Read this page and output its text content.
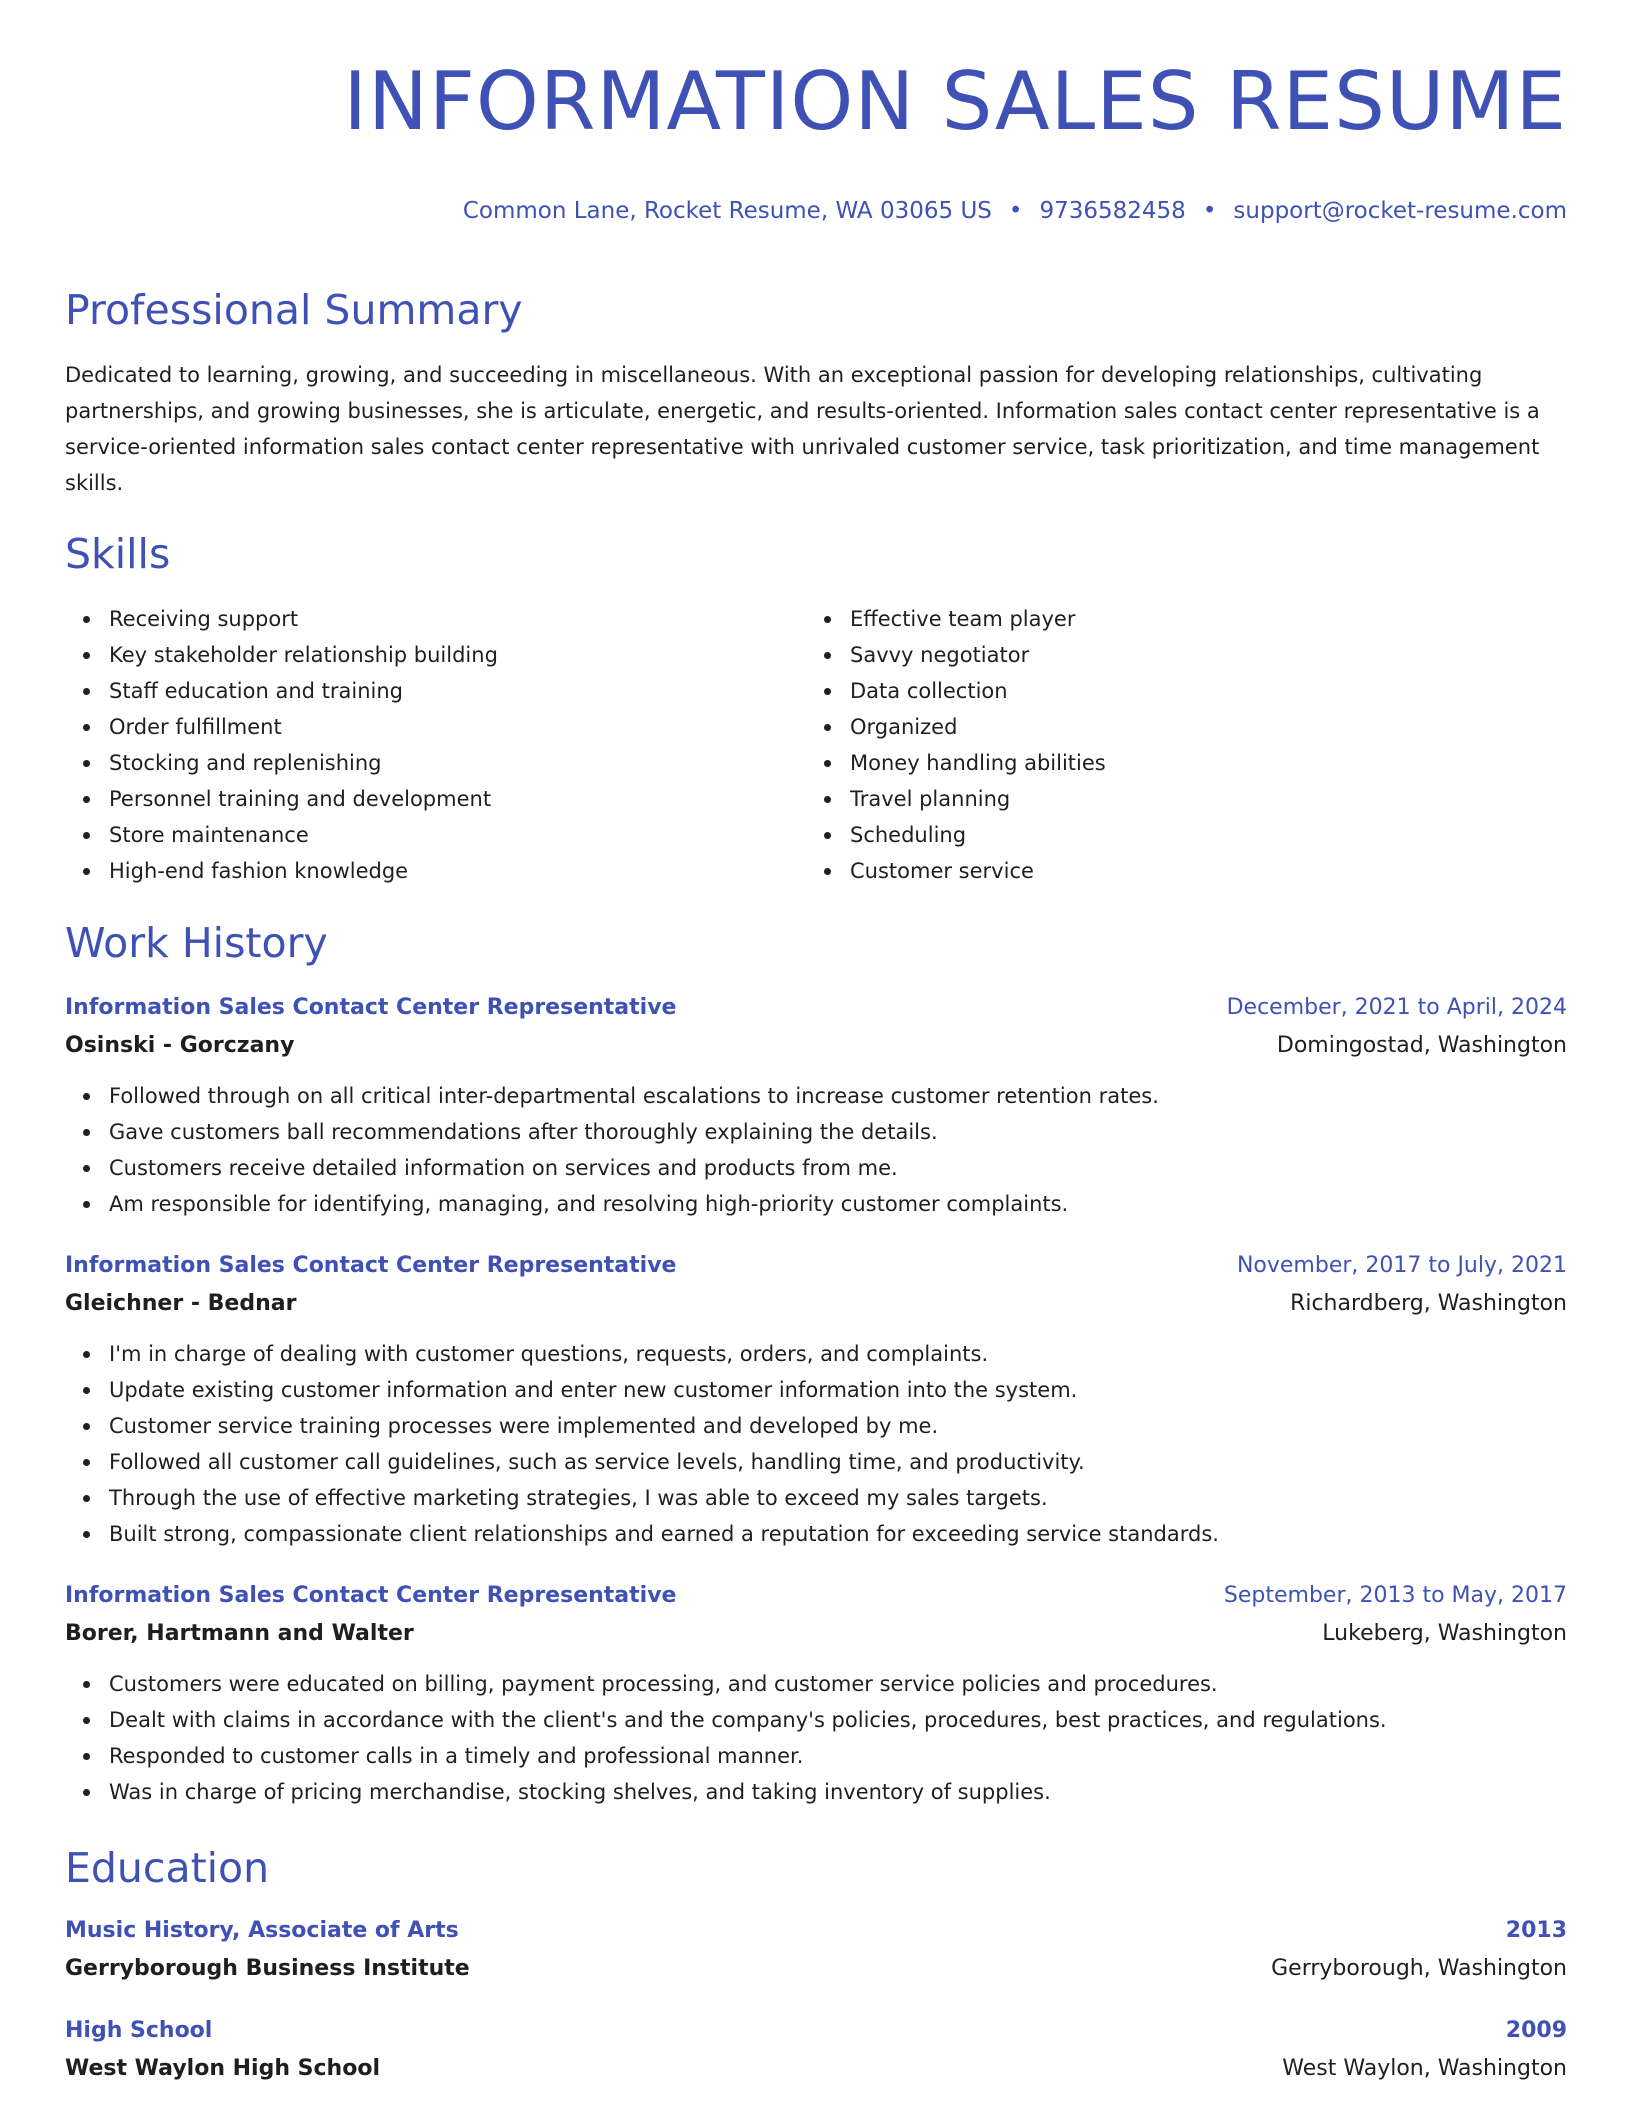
INFORMATION SALES RESUME
Common Lane, Rocket Resume, WA 03065 US • 9736582458 • support@rocket-resume.com
Professional Summary
Dedicated to learning, growing, and succeeding in miscellaneous. With an exceptional passion for developing relationships, cultivating partnerships, and growing businesses, she is articulate, energetic, and results-oriented. Information sales contact center representative is a service-oriented information sales contact center representative with unrivaled customer service, task prioritization, and time management skills.
Skills
Receiving support
Key stakeholder relationship building
Staff education and training
Order fulfillment
Stocking and replenishing
Personnel training and development
Store maintenance
High-end fashion knowledge
Effective team player
Savvy negotiator
Data collection
Organized
Money handling abilities
Travel planning
Scheduling
Customer service
Work History
Information Sales Contact Center Representative	December, 2021 to April, 2024
Osinski - Gorczany	Domingostad, Washington
Followed through on all critical inter-departmental escalations to increase customer retention rates.
Gave customers ball recommendations after thoroughly explaining the details.
Customers receive detailed information on services and products from me.
Am responsible for identifying, managing, and resolving high-priority customer complaints.
Information Sales Contact Center Representative	November, 2017 to July, 2021
Gleichner - Bednar	Richardberg, Washington
I'm in charge of dealing with customer questions, requests, orders, and complaints.
Update existing customer information and enter new customer information into the system.
Customer service training processes were implemented and developed by me.
Followed all customer call guidelines, such as service levels, handling time, and productivity.
Through the use of effective marketing strategies, I was able to exceed my sales targets.
Built strong, compassionate client relationships and earned a reputation for exceeding service standards.
Information Sales Contact Center Representative	September, 2013 to May, 2017
Borer, Hartmann and Walter	Lukeberg, Washington
Customers were educated on billing, payment processing, and customer service policies and procedures.
Dealt with claims in accordance with the client's and the company's policies, procedures, best practices, and regulations.
Responded to customer calls in a timely and professional manner.
Was in charge of pricing merchandise, stocking shelves, and taking inventory of supplies.
Education
Music History, Associate of Arts	2013
Gerryborough Business Institute	Gerryborough, Washington
High School	2009
West Waylon High School	West Waylon, Washington
